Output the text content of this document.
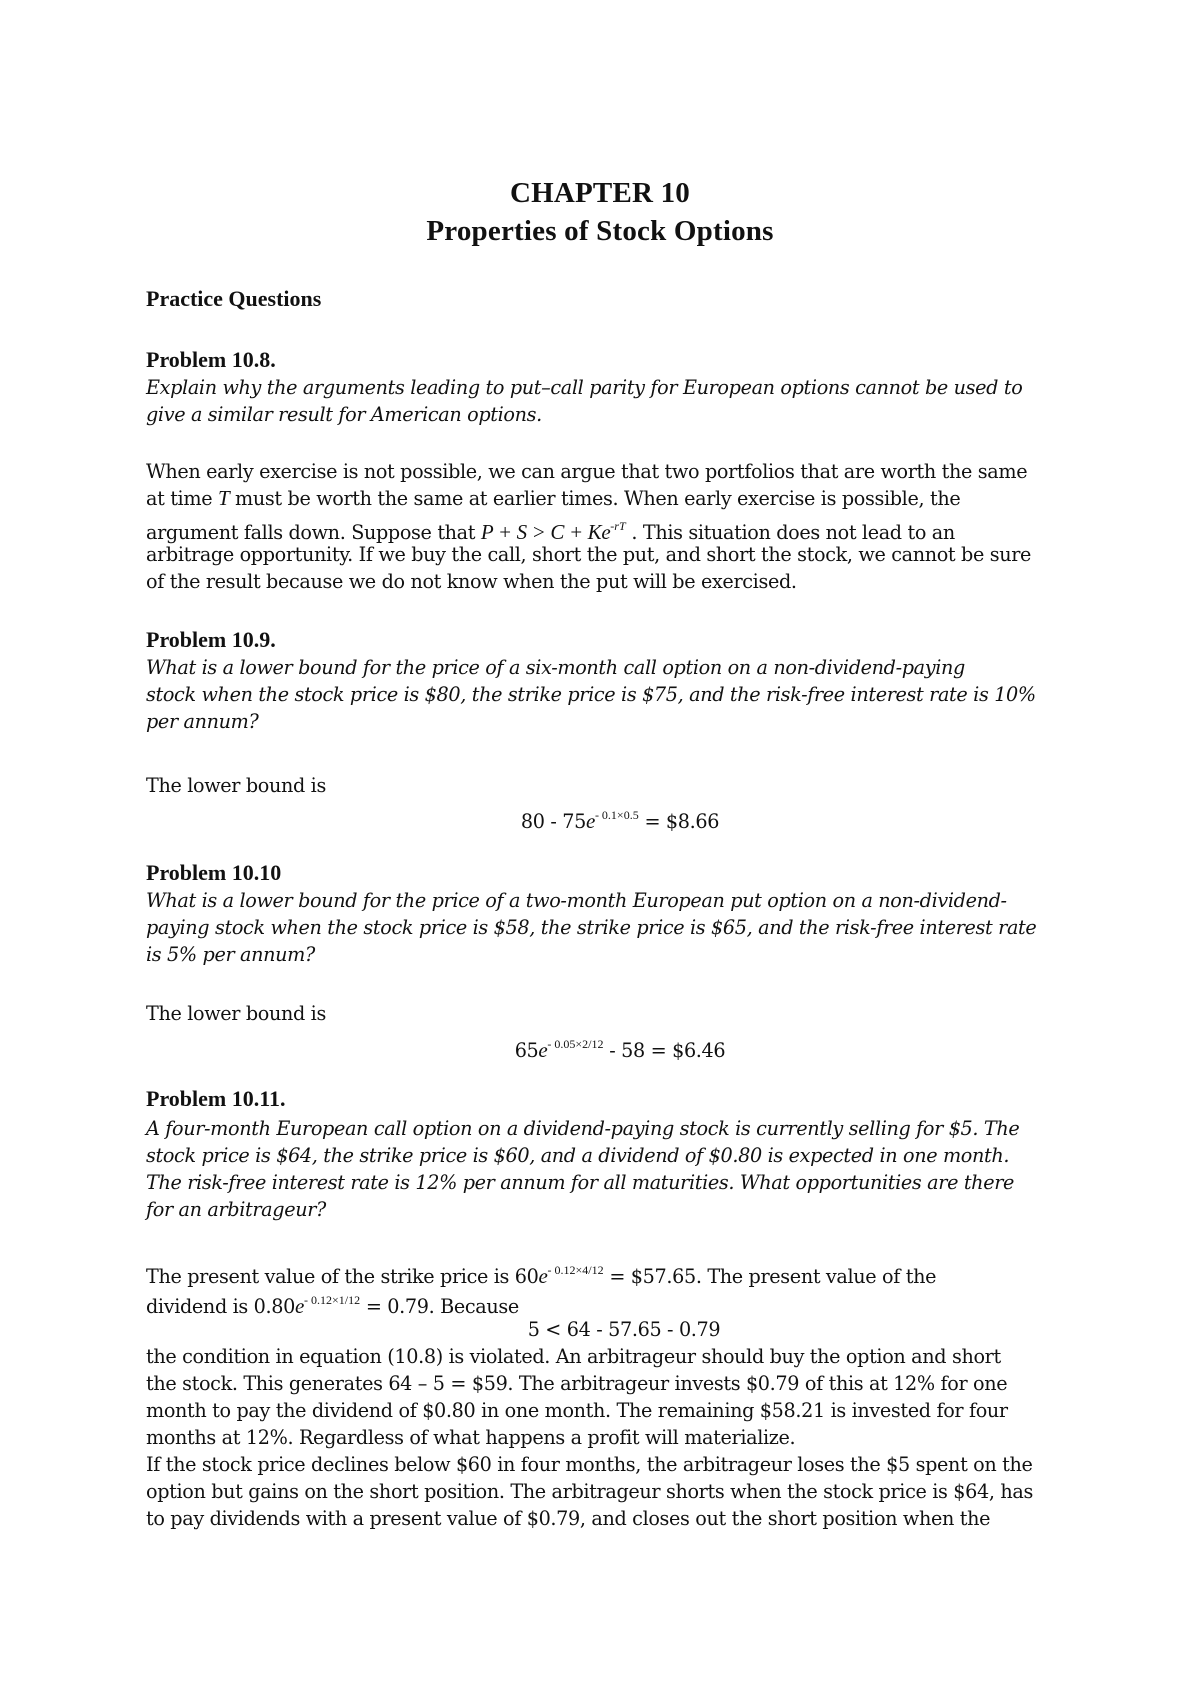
CHAPTER 10
Properties of Stock Options
Practice Questions
Problem 10.8.
Explain why the arguments leading to put–call parity for European options cannot be used to
give a similar result for American options.
When early exercise is not possible, we can argue that two portfolios that are worth the same
at time T must be worth the same at earlier times. When early exercise is possible, the
argument falls down. Suppose that $P + S > C + Ke^{-rT}$ . This situation does not lead to an
arbitrage opportunity. If we buy the call, short the put, and short the stock, we cannot be sure
of the result because we do not know when the put will be exercised.
Problem 10.9.
What is a lower bound for the price of a six-month call option on a non-dividend-paying
stock when the stock price is $80, the strike price is $75, and the risk-free interest rate is 10%
per annum?
The lower bound is
$80 - 75e^{- 0.1\times 0.5}$ = $8.66
Problem 10.10
What is a lower bound for the price of a two-month European put option on a non-dividend-
paying stock when the stock price is $58, the strike price is $65, and the risk-free interest rate
is 5% per annum?
The lower bound is
$65e^{- 0.05\times 2/12} - 58$ = $6.46
Problem 10.11.
A four-month European call option on a dividend-paying stock is currently selling for $5. The
stock price is $64, the strike price is $60, and a dividend of $0.80 is expected in one month.
The risk-free interest rate is 12% per annum for all maturities. What opportunities are there
for an arbitrageur?
The present value of the strike price is $60e^{- 0.12\times 4/12}$ = $57.65. The present value of the
dividend is $0.80e^{- 0.12\times 1/12} = 0.79$. Because
5 < 64 - 57.65 - 0.79
the condition in equation (10.8) is violated. An arbitrageur should buy the option and short
the stock. This generates 64 – 5 = $59. The arbitrageur invests $0.79 of this at 12% for one
month to pay the dividend of $0.80 in one month. The remaining $58.21 is invested for four
months at 12%. Regardless of what happens a profit will materialize.
If the stock price declines below $60 in four months, the arbitrageur loses the $5 spent on the
option but gains on the short position. The arbitrageur shorts when the stock price is $64, has
to pay dividends with a present value of $0.79, and closes out the short position when the
